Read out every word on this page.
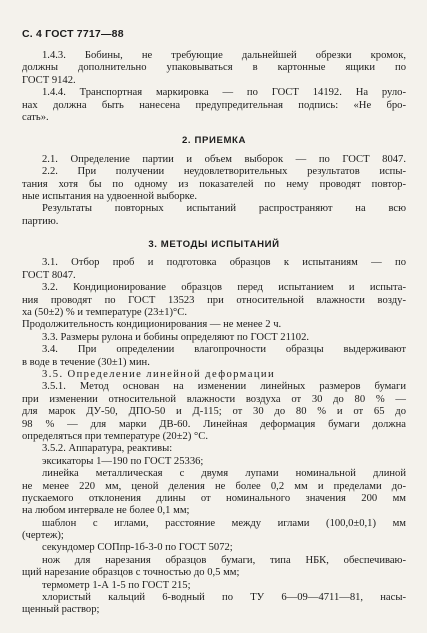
С. 4 ГОСТ 7717—88
1.4.3. Бобины, не требующие дальнейшей обрезки кромок,
должны дополнительно упаковываться в картонные ящики по
ГОСТ 9142.
1.4.4. Транспортная маркировка — по ГОСТ 14192. На руло-
нах должна быть нанесена предупредительная подпись: «Не бро-
сать».
2. ПРИЕМКА
2.1. Определение партии и объем выборок — по ГОСТ 8047.
2.2. При получении неудовлетворительных результатов испы-
тания хотя бы по одному из показателей по нему проводят повтор-
ные испытания на удвоенной выборке.
Результаты повторных испытаний распространяют на всю
партию.
3. МЕТОДЫ ИСПЫТАНИЙ
3.1. Отбор проб и подготовка образцов к испытаниям — по
ГОСТ 8047.
3.2. Кондиционирование образцов перед испытанием и испыта-
ния проводят по ГОСТ 13523 при относительной влажности возду-
ха (50±2) % и температуре (23±1)°С.
Продолжительность кондиционирования — не менее 2 ч.
3.3. Размеры рулона и бобины определяют по ГОСТ 21102.
3.4. При определении влагопрочности образцы выдерживают
в воде в течение (30±1) мин.
3.5. Определение линейной деформации
3.5.1. Метод основан на изменении линейных размеров бумаги
при изменении относительной влажности воздуха от 30 до 80 % —
для марок ДУ-50, ДПО-50 и Д-115; от 30 до 80 % и от 65 до
98 % — для марки ДВ-60. Линейная деформация бумаги должна
определяться при температуре (20±2) °С.
3.5.2. Аппаратура, реактивы:
эксикаторы 1—190 по ГОСТ 25336;
линейка металлическая с двумя лупами номинальной длиной
не менее 220 мм, ценой деления не более 0,2 мм и пределами до-
пускаемого отклонения длины от номинального значения 200 мм
на любом интервале не более 0,1 мм;
шаблон с иглами, расстояние между иглами (100,0±0,1) мм
(чертеж);
секундомер СОПпр-1б-3-0 по ГОСТ 5072;
нож для нарезания образцов бумаги, типа НБК, обеспечиваю-
щий нарезание образцов с точностью до 0,5 мм;
термометр 1-А 1-5 по ГОСТ 215;
хлористый кальций 6-водный по ТУ 6—09—4711—81, насы-
щенный раствор;
